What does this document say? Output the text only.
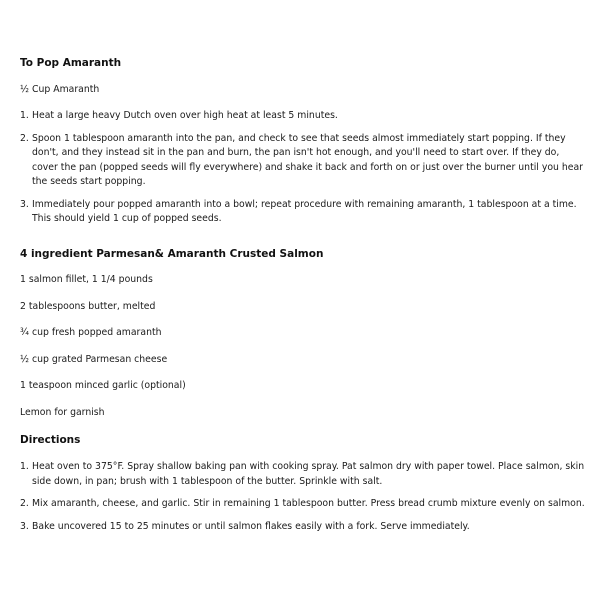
To Pop Amaranth
½ Cup Amaranth
1. Heat a large heavy Dutch oven over high heat at least 5 minutes.
2. Spoon 1 tablespoon amaranth into the pan, and check to see that seeds almost immediately start popping. If they don't, and they instead sit in the pan and burn, the pan isn't hot enough, and you'll need to start over. If they do, cover the pan (popped seeds will fly everywhere) and shake it back and forth on or just over the burner until you hear the seeds start popping.
3. Immediately pour popped amaranth into a bowl; repeat procedure with remaining amaranth, 1 tablespoon at a time. This should yield 1 cup of popped seeds.
4 ingredient Parmesan& Amaranth Crusted Salmon
1 salmon fillet, 1 1/4 pounds
2 tablespoons butter, melted
¾ cup fresh popped amaranth
½ cup grated Parmesan cheese
1 teaspoon minced garlic (optional)
Lemon for garnish
Directions
1. Heat oven to 375°F. Spray shallow baking pan with cooking spray. Pat salmon dry with paper towel. Place salmon, skin side down, in pan; brush with 1 tablespoon of the butter. Sprinkle with salt.
2. Mix amaranth, cheese, and garlic. Stir in remaining 1 tablespoon butter. Press bread crumb mixture evenly on salmon.
3. Bake uncovered 15 to 25 minutes or until salmon flakes easily with a fork. Serve immediately.
